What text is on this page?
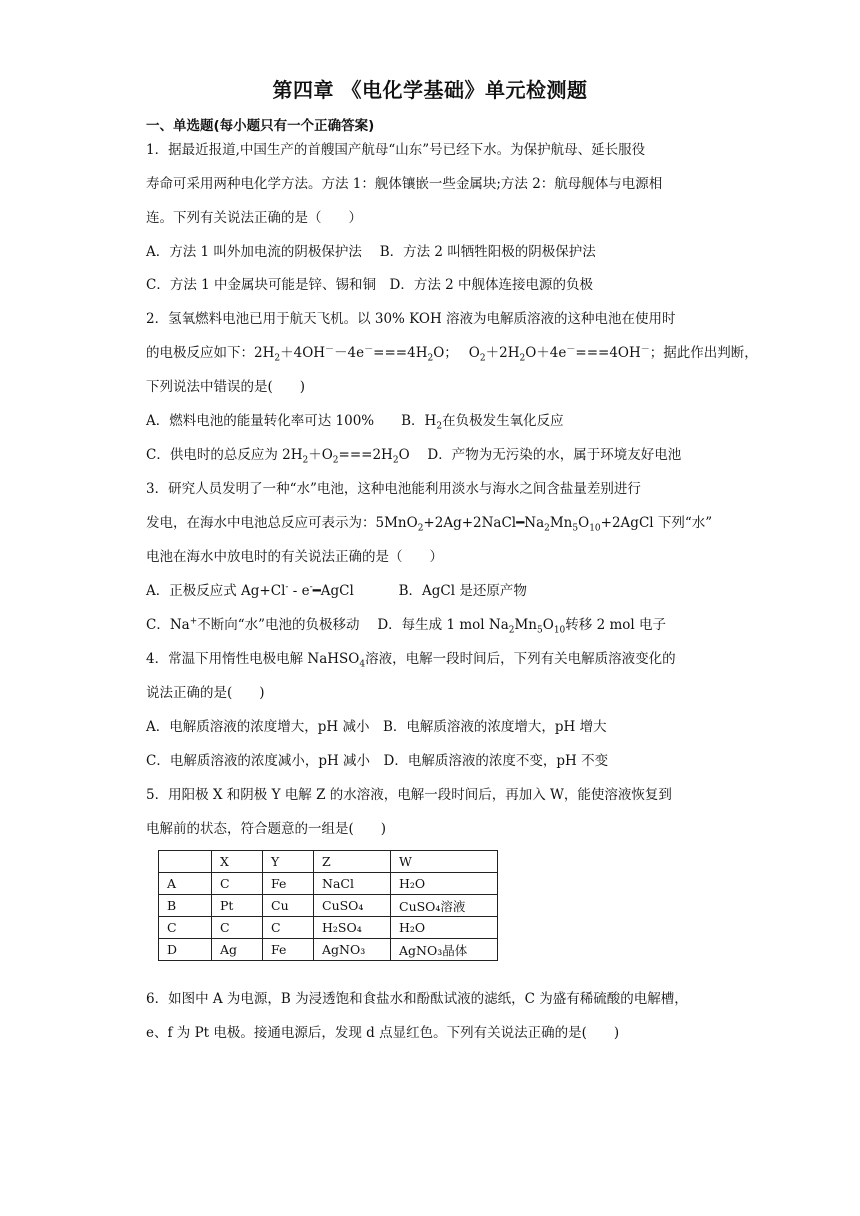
第四章 《电化学基础》单元检测题
一、单选题(每小题只有一个正确答案)
1．据最近报道,中国生产的首艘国产航母“山东”号已经下水。为保护航母、延长服役
寿命可采用两种电化学方法。方法 1：舰体镶嵌一些金属块;方法 2：航母舰体与电源相
连。下列有关说法正确的是（　　）
A．方法 1 叫外加电流的阴极保护法　 B．方法 2 叫牺牲阳极的阴极保护法
C．方法 1 中金属块可能是锌、锡和铜　D．方法 2 中舰体连接电源的负极
2．氢氧燃料电池已用于航天飞机。以 30% KOH 溶液为电解质溶液的这种电池在使用时
的电极反应如下：$2H_2+4OH^--4e^-===4H_2O$；　 $O_2+2H_2O+4e^-===4OH^-$；据此作出判断，
下列说法中错误的是(　　)
A．燃料电池的能量转化率可达 100%　　B．$H_2$在负极发生氧化反应
C．供电时的总反应为 $2H_2+O_2===2H_2O$　 D．产物为无污染的水，属于环境友好电池
3．研究人员发明了一种“水”电池，这种电池能利用淡水与海水之间含盐量差别进行
发电，在海水中电池总反应可表示为：$5MnO_2+2Ag+2NaCl━Na_2Mn_5O_{10}+2AgCl$ 下列“水”
电池在海水中放电时的有关说法正确的是（　　）
A．正极反应式 Ag+Cl- - e-━AgCl　　　 B．AgCl 是还原产物
C．Na+不断向“水”电池的负极移动　 D．每生成 1 mol $Na_2Mn_5O_{10}$转移 2 mol 电子
4．常温下用惰性电极电解 NaHSO$_4$溶液，电解一段时间后，下列有关电解质溶液变化的
说法正确的是(　　)
A．电解质溶液的浓度增大，pH 减小　B．电解质溶液的浓度增大，pH 增大
C．电解质溶液的浓度减小，pH 减小　D．电解质溶液的浓度不变，pH 不变
5．用阳极 X 和阴极 Y 电解 Z 的水溶液，电解一段时间后，再加入 W，能使溶液恢复到
电解前的状态，符合题意的一组是(　　)
	X	Y	Z	W
A	C	Fe	NaCl	H₂O
B	Pt	Cu	CuSO₄	CuSO₄溶液
C	C	C	H₂SO₄	H₂O
D	Ag	Fe	AgNO₃	AgNO₃晶体
6．如图中 A 为电源，B 为浸透饱和食盐水和酚酞试液的滤纸，C 为盛有稀硫酸的电解槽，
e、f 为 Pt 电极。接通电源后，发现 d 点显红色。下列有关说法正确的是(　　)
